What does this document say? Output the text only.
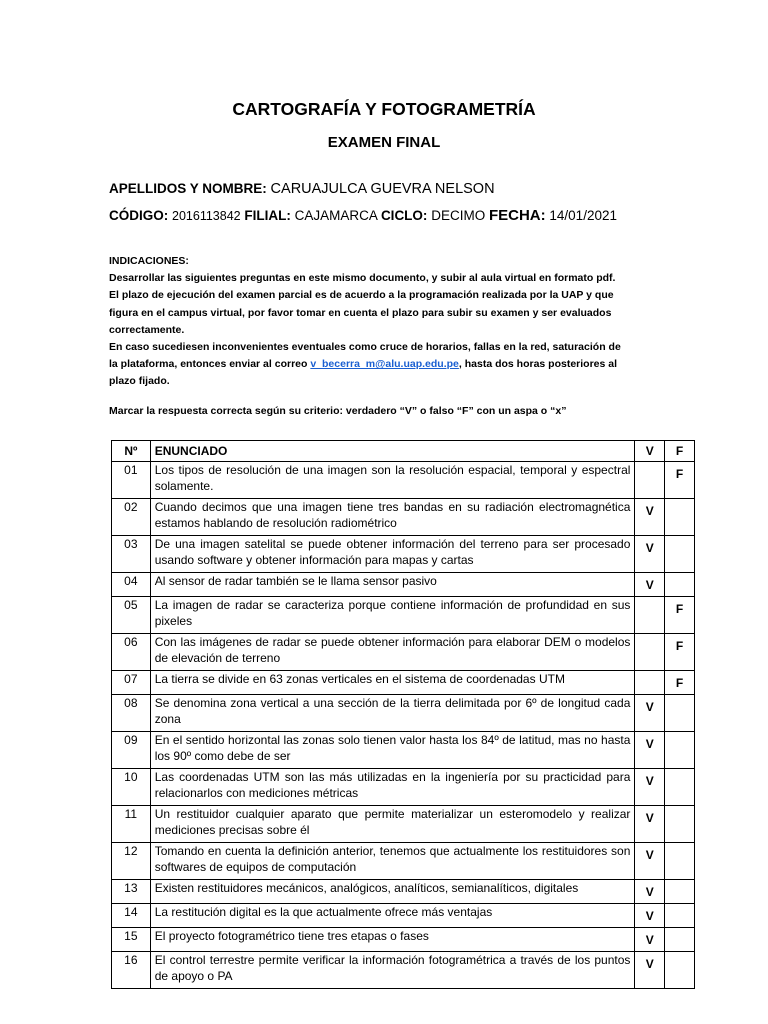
CARTOGRAFÍA Y FOTOGRAMETRÍA
EXAMEN FINAL
APELLIDOS Y NOMBRE: CARUAJULCA GUEVRA NELSON
CÓDIGO: 2016113842 FILIAL: CAJAMARCA CICLO: DECIMO FECHA: 14/01/2021
INDICACIONES:
Desarrollar las siguientes preguntas en este mismo documento, y subir al aula virtual en formato pdf.
El plazo de ejecución del examen parcial es de acuerdo a la programación realizada por la UAP y que
figura en el campus virtual, por favor tomar en cuenta el plazo para subir su examen y ser evaluados
correctamente.
En caso sucediesen inconvenientes eventuales como cruce de horarios, fallas en la red, saturación de
la plataforma, entonces enviar al correo v_becerra_m@alu.uap.edu.pe, hasta dos horas posteriores al
plazo fijado.
Marcar la respuesta correcta según su criterio: verdadero “V” o falso “F” con un aspa o “x”
Nº	ENUNCIADO	V	F
01	Los tipos de resolución de una imagen son la resolución espacial, temporal y espectral solamente.		F
02	Cuando decimos que una imagen tiene tres bandas en su radiación electromagnética estamos hablando de resolución radiométrico	V	
03	De una imagen satelital se puede obtener información del terreno para ser procesado usando software y obtener información para mapas y cartas	V	
04	Al sensor de radar también se le llama sensor pasivo	V	
05	La imagen de radar se caracteriza porque contiene información de profundidad en sus pixeles		F
06	Con las imágenes de radar se puede obtener información para elaborar DEM o modelos de elevación de terreno		F
07	La tierra se divide en 63 zonas verticales en el sistema de coordenadas UTM		F
08	Se denomina zona vertical a una sección de la tierra delimitada por 6º de longitud cada zona	V	
09	En el sentido horizontal las zonas solo tienen valor hasta los 84º de latitud, mas no hasta los 90º como debe de ser	V	
10	Las coordenadas UTM son las más utilizadas en la ingeniería por su practicidad para relacionarlos con mediciones métricas	V	
11	Un restituidor cualquier aparato que permite materializar un esteromodelo y realizar mediciones precisas sobre él	V	
12	Tomando en cuenta la definición anterior, tenemos que actualmente los restituidores son softwares de equipos de computación	V	
13	Existen restituidores mecánicos, analógicos, analíticos, semianalíticos, digitales	V	
14	La restitución digital es la que actualmente ofrece más ventajas	V	
15	El proyecto fotogramétrico tiene tres etapas o fases	V	
16	El control terrestre permite verificar la información fotogramétrica a través de los puntos de apoyo o PA	V	
